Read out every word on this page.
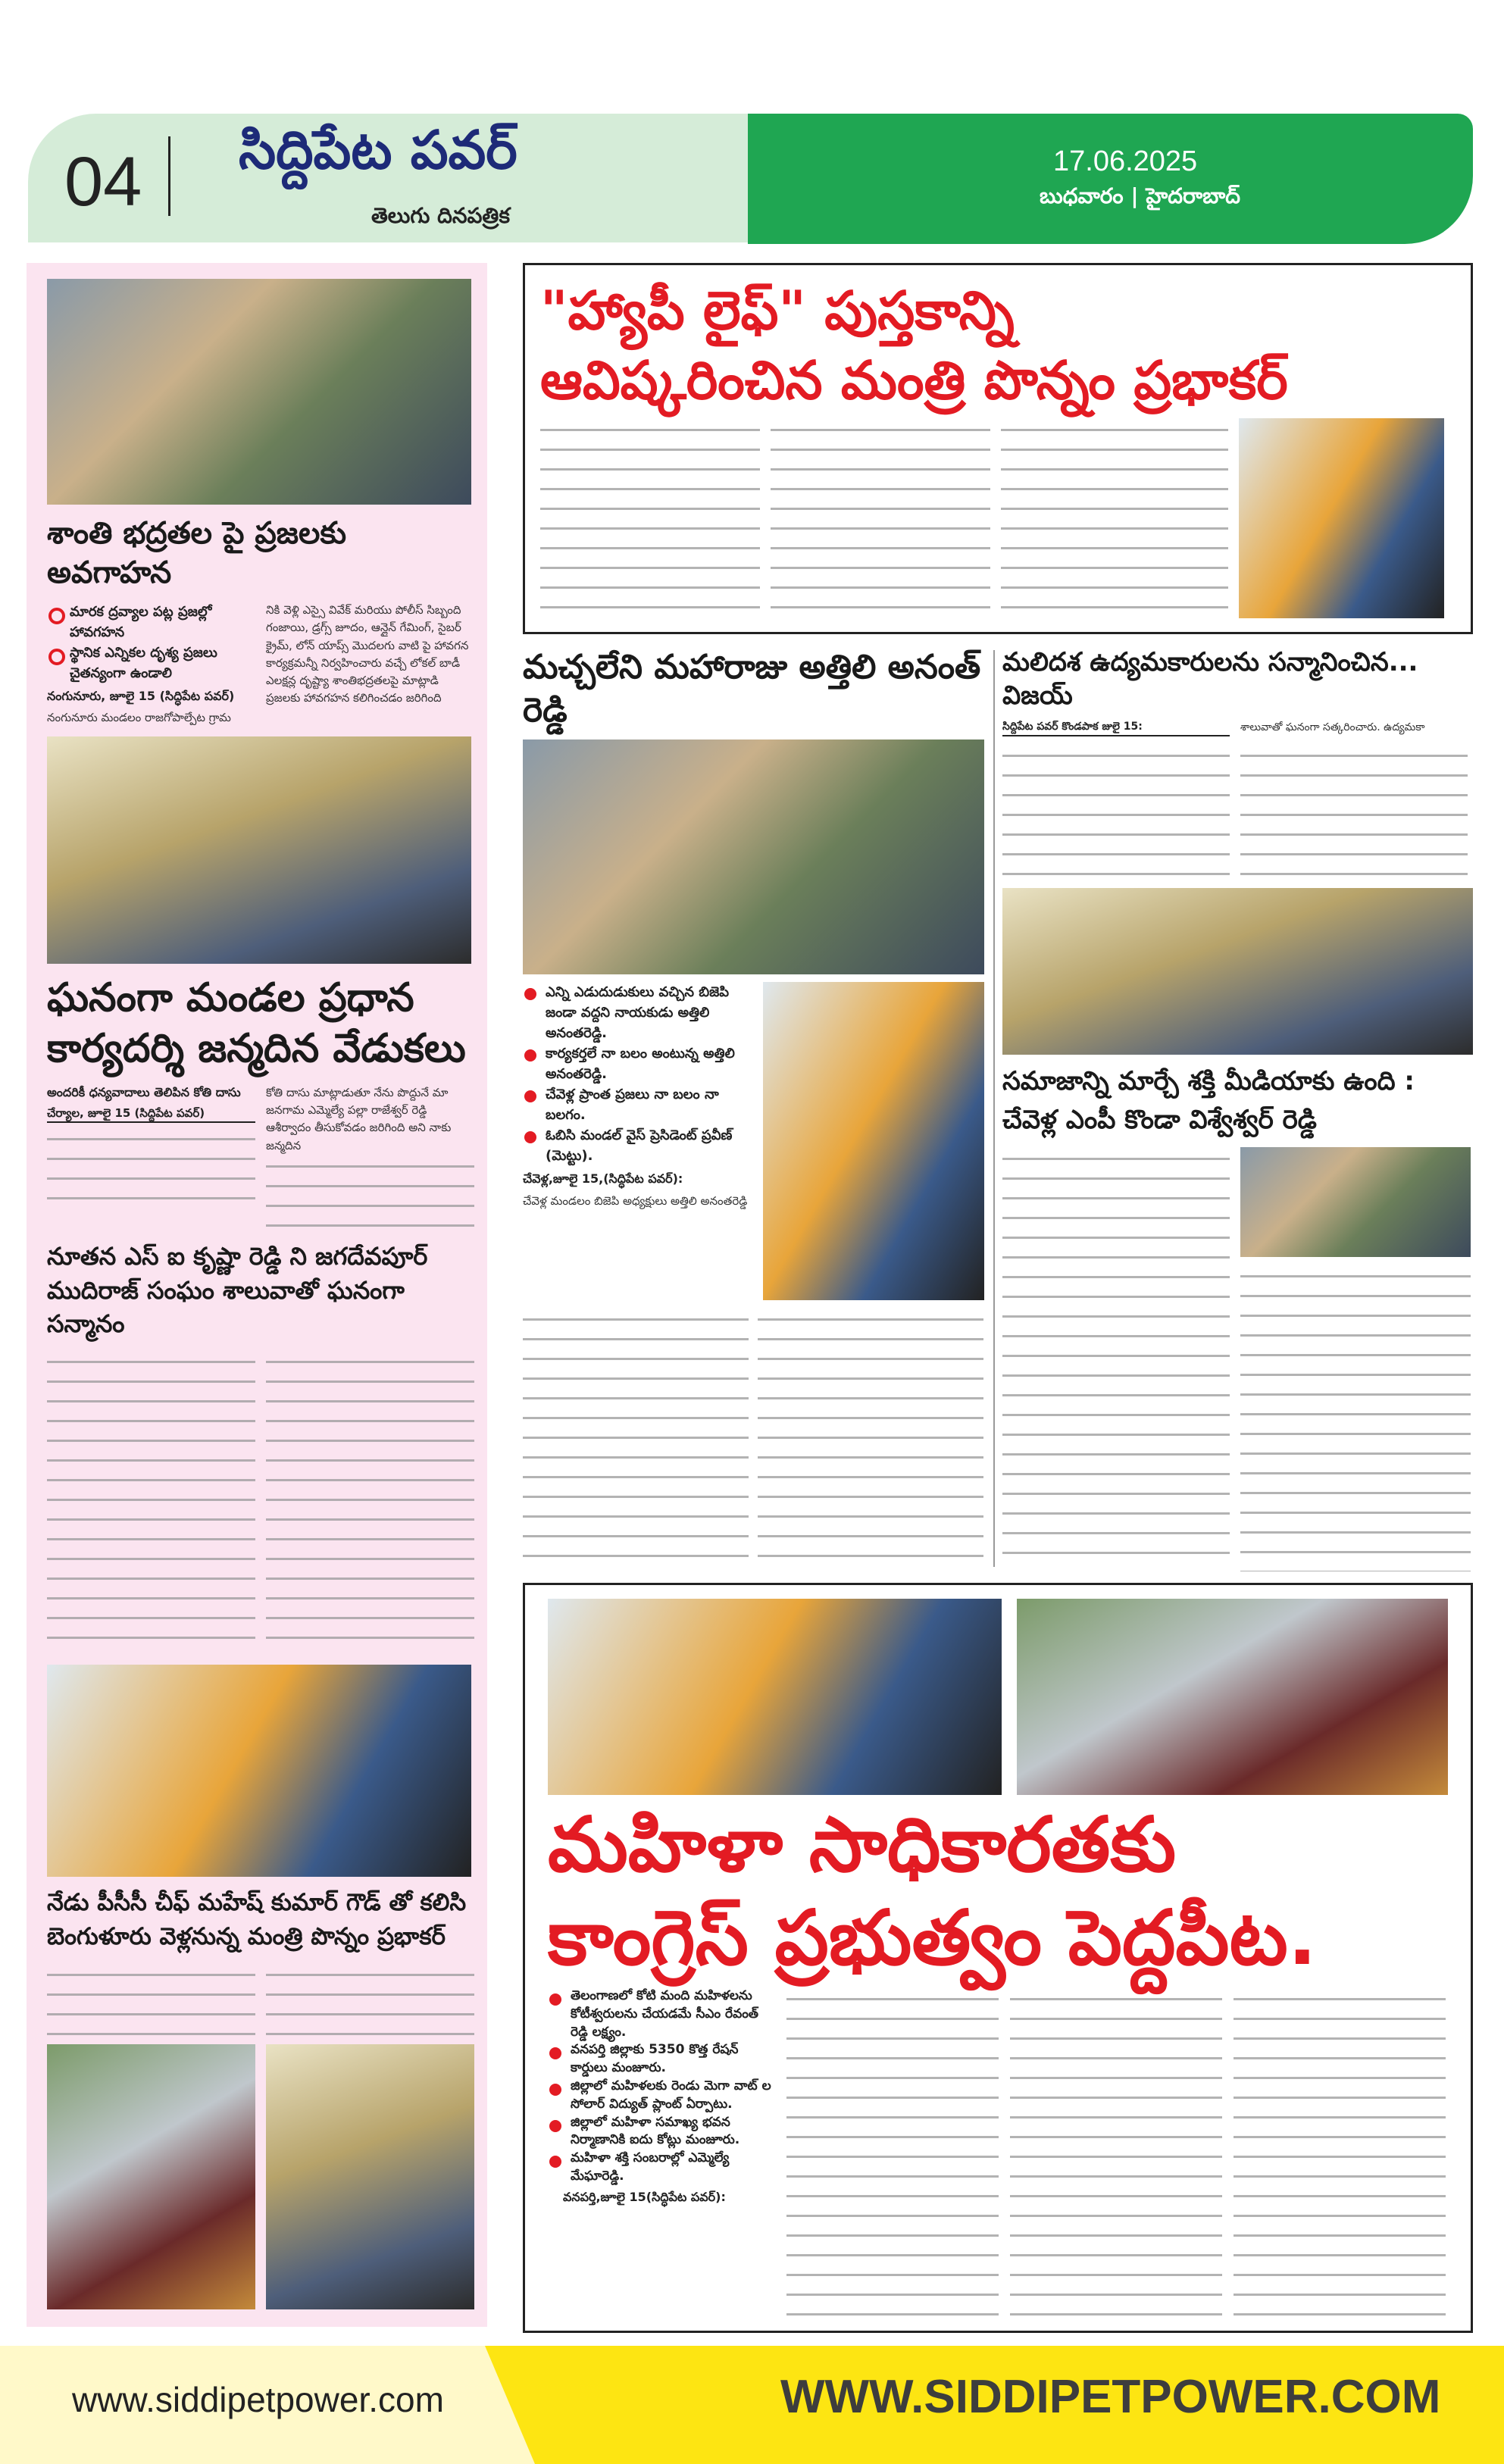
04 సిద్దిపేట పవర్
తెలుగు దినపత్రిక
17.06.2025
బుధవారం | హైదరాబాద్
శాంతి భద్రతల పై ప్రజలకు అవగాహన
మారక ద్రవ్యాల పట్ల ప్రజల్లో హావగహన
స్థానిక ఎన్నికల దృశ్య ప్రజలు చైతన్యంగా ఉండాలి
నంగునూరు, జూలై 15 (సిద్ధిపేట పవర్)
నంగునూరు మండలం రాజగోపాల్పేట గ్రామ
నికి వెళ్లి ఎస్సై వివేక్ మరియు పోలీస్ సిబ్బంది గంజాయి, డ్రగ్స్ జూదం, ఆన్లైన్ గేమింగ్, సైబర్ క్రైమ్, లోన్ యాప్స్ మొదలగు వాటి పై హావగన కార్యక్రమన్నీ నిర్వహించారు వచ్చే లోకల్ బాడీ ఎలక్షన్ల దృష్ట్యా శాంతిభద్రతలపై మాట్లాడి ప్రజలకు హావగహన కలిగించడం జరిగింది
ఘనంగా మండల ప్రధాన కార్యదర్శి జన్మదిన వేడుకలు
అందరికీ ధన్యవాదాలు తెలిపిన కోతి దాసు
చేర్యాల, జూలై 15 (సిద్దిపేట పవర్)
కోతి దాసు మాట్లాడుతూ నేను పొద్దునే మా జనగామ ఎమ్మెల్యే పల్లా రాజేశ్వర్ రెడ్డి ఆశీర్వాదం తీసుకోవడం జరిగింది అని నాకు జన్మదిన
నూతన ఎస్ ఐ కృష్ణా రెడ్డి ని జగదేవపూర్ ముదిరాజ్ సంఘం శాలువాతో ఘనంగా సన్మానం
నేడు పీసీసీ చీఫ్ మహేష్ కుమార్ గౌడ్ తో కలిసి బెంగుళూరు వెళ్లనున్న మంత్రి పొన్నం ప్రభాకర్
"హ్యాపీ లైఫ్" పుస్తకాన్ని
ఆవిష్కరించిన మంత్రి పొన్నం ప్రభాకర్
మచ్చలేని మహారాజు అత్తిలి అనంత్ రెడ్డి
ఎన్ని ఎడుదుడుకులు వచ్చిన బిజెపి జండా వద్దని నాయకుడు అత్తిలి అనంతరెడ్డి.
కార్యకర్తలే నా బలం అంటున్న అత్తిలి అనంతరెడ్డి.
చేవెళ్ల ప్రాంత ప్రజలు నా బలం నా బలగం.
ఓబిసి మండల్ వైస్ ప్రెసిడెంట్ ప్రవీణ్ (మెట్టు).
చేవెళ్ల,జూలై 15,(సిద్ధిపేట పవర్):
చేవెళ్ల మండలం బిజెపి అధ్యక్షులు అత్తిలి అనంతరెడ్డి
మలిదశ ఉద్యమకారులను సన్మానించిన... విజయ్
సిద్దిపేట పవర్ కొండపాక జులై 15:	శాలువాతో ఘనంగా సత్కరించారు. ఉద్యమకా
సమాజాన్ని మార్చే శక్తి మీడియాకు ఉంది : చేవెళ్ల ఎంపీ కొండా విశ్వేశ్వర్ రెడ్డి
మహిళా సాధికారతకు
కాంగ్రెస్ ప్రభుత్వం పెద్దపీట.
తెలంగాణలో కోటి మంది మహిళలను కోటీశ్వరులను చేయడమే సీఎం రేవంత్ రెడ్డి లక్ష్యం.
వనపర్తి జిల్లాకు 5350 కొత్త రేషన్ కార్డులు మంజూరు.
జిల్లాలో మహిళలకు రెండు మెగా వాట్ ల సోలార్ విద్యుత్ ప్లాంట్ ఏర్పాటు.
జిల్లాలో మహిళా సమాఖ్య భవన నిర్మాణానికి ఐదు కోట్లు మంజూరు.
మహిళా శక్తి సంబరాల్లో ఎమ్మెల్యే మేఘారెడ్డి.
వనపర్తి,జూలై 15(సిద్ధిపేట పవర్):
www.siddipetpower.com	WWW.SIDDIPETPOWER.COM
